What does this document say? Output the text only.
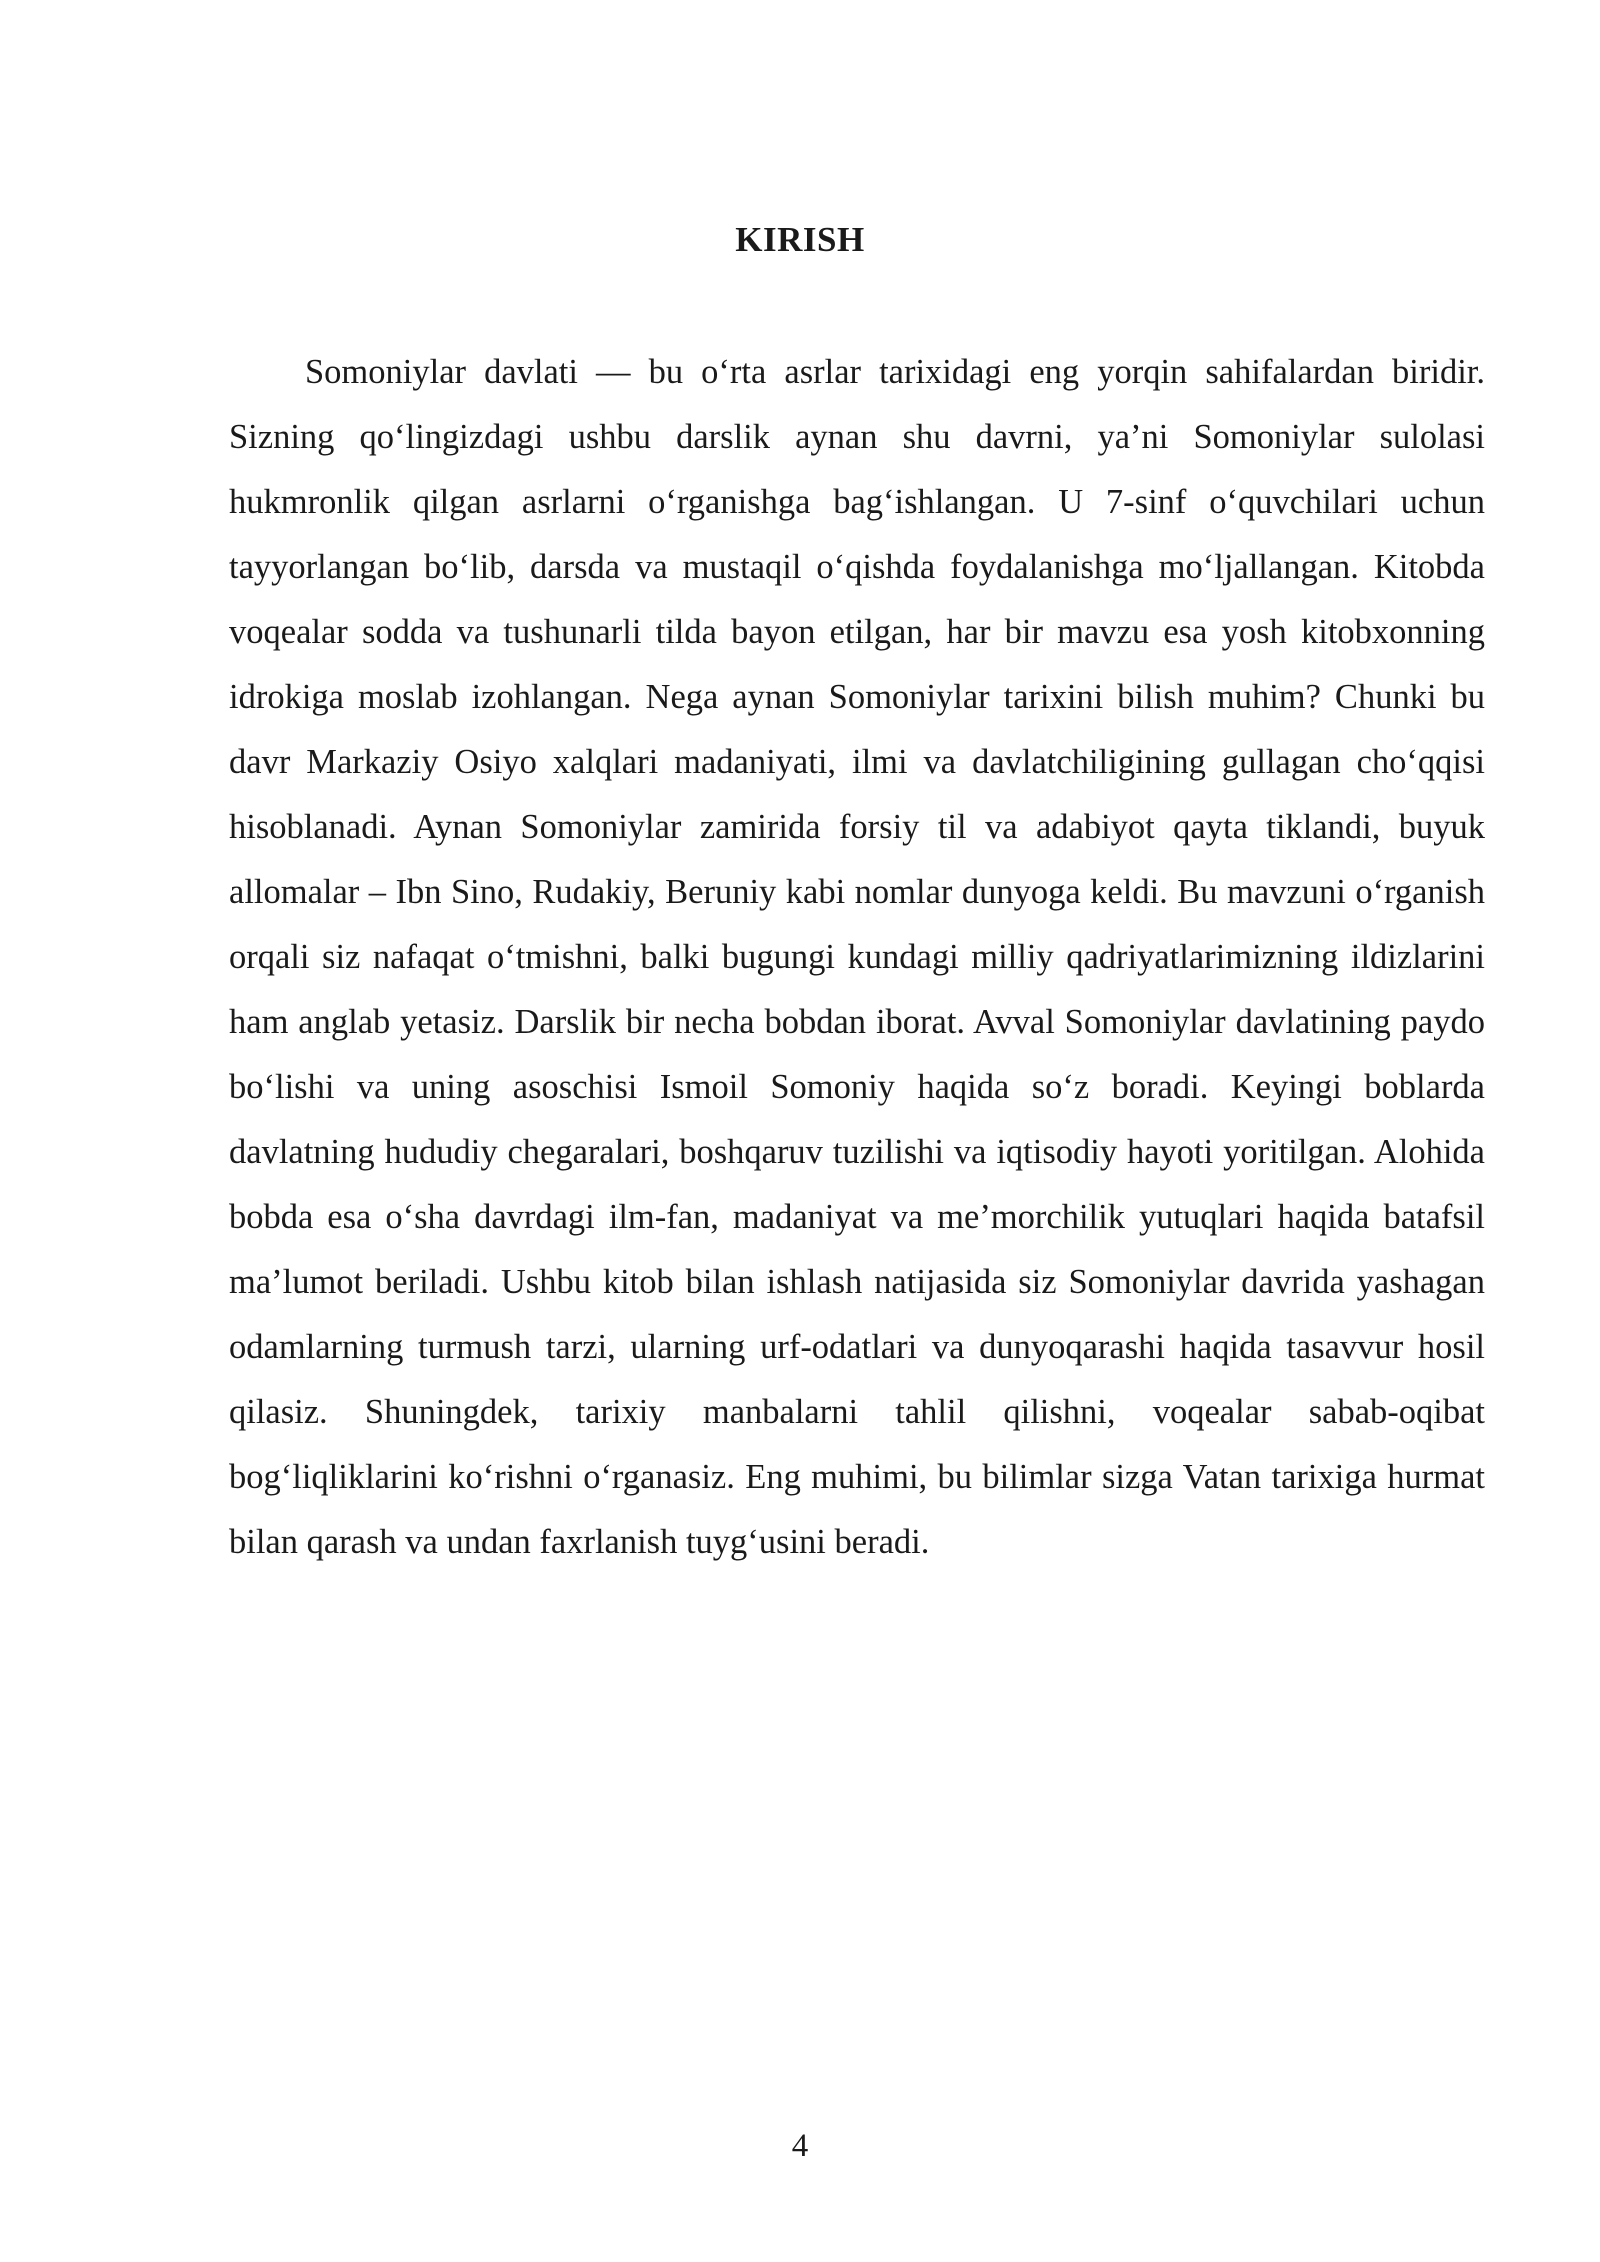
KIRISH

Somoniylar davlati — bu o‘rta asrlar tarixidagi eng yorqin sahifalardan biridir. Sizning qo‘lingizdagi ushbu darslik aynan shu davrni, ya’ni Somoniylar sulolasi hukmronlik qilgan asrlarni o‘rganishga bag‘ishlangan. U 7-sinf o‘quvchilari uchun tayyorlangan bo‘lib, darsda va mustaqil o‘qishda foydalanishga mo‘ljallangan. Kitobda voqealar sodda va tushunarli tilda bayon etilgan, har bir mavzu esa yosh kitobxonning idrokiga moslab izohlangan. Nega aynan Somoniylar tarixini bilish muhim? Chunki bu davr Markaziy Osiyo xalqlari madaniyati, ilmi va davlatchiligining gullagan cho‘qqisi hisoblanadi. Aynan Somoniylar zamirida forsiy til va adabiyot qayta tiklandi, buyuk allomalar – Ibn Sino, Rudakiy, Beruniy kabi nomlar dunyoga keldi. Bu mavzuni o‘rganish orqali siz nafaqat o‘tmishni, balki bugungi kundagi milliy qadriyatlarimizning ildizlarini ham anglab yetasiz. Darslik bir necha bobdan iborat. Avval Somoniylar davlatining paydo bo‘lishi va uning asoschisi Ismoil Somoniy haqida so‘z boradi. Keyingi boblarda davlatning hududiy chegaralari, boshqaruv tuzilishi va iqtisodiy hayoti yoritilgan. Alohida bobda esa o‘sha davrdagi ilm-fan, madaniyat va me’morchilik yutuqlari haqida batafsil ma’lumot beriladi. Ushbu kitob bilan ishlash natijasida siz Somoniylar davrida yashagan odamlarning turmush tarzi, ularning urf-odatlari va dunyoqarashi haqida tasavvur hosil qilasiz. Shuningdek, tarixiy manbalarni tahlil qilishni, voqealar sabab-oqibat bog‘liqliklarini ko‘rishni o‘rganasiz. Eng muhimi, bu bilimlar sizga Vatan tarixiga hurmat bilan qarash va undan faxrlanish tuyg‘usini beradi.

4
